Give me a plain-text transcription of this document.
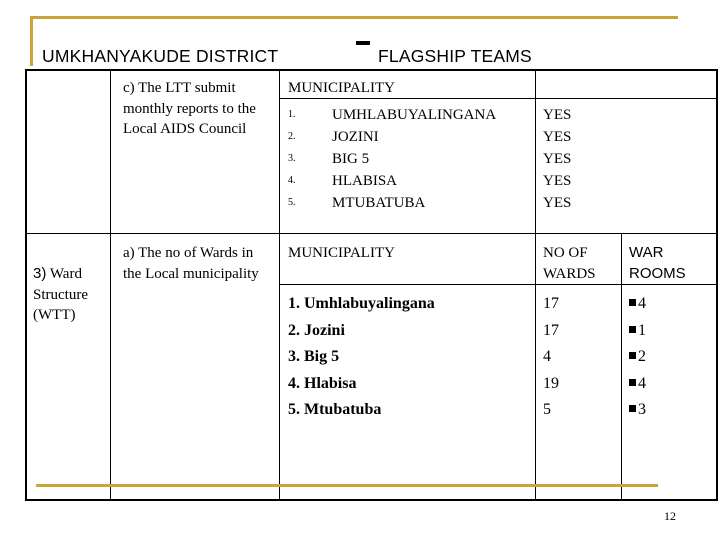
UMKHANYAKUDE DISTRICT	FLAGSHIP TEAMS
c) The LTT submit monthly reports to the Local AIDS Council
MUNICIPALITY
1. UMHLABUYALINGANA
2. JOZINI
3. BIG 5
4. HLABISA
5. MTUBATUBA
YES
YES
YES
YES
YES
3) Ward Structure (WTT)
a) The no of Wards in the Local municipality
MUNICIPALITY	NO OF WARDS
WAR ROOMS
1. Umhlabuyalingana
2. Jozini
3. Big 5
4. Hlabisa
5. Mtubatuba
17
17
4
19
5
4
1
2
4
3
12
